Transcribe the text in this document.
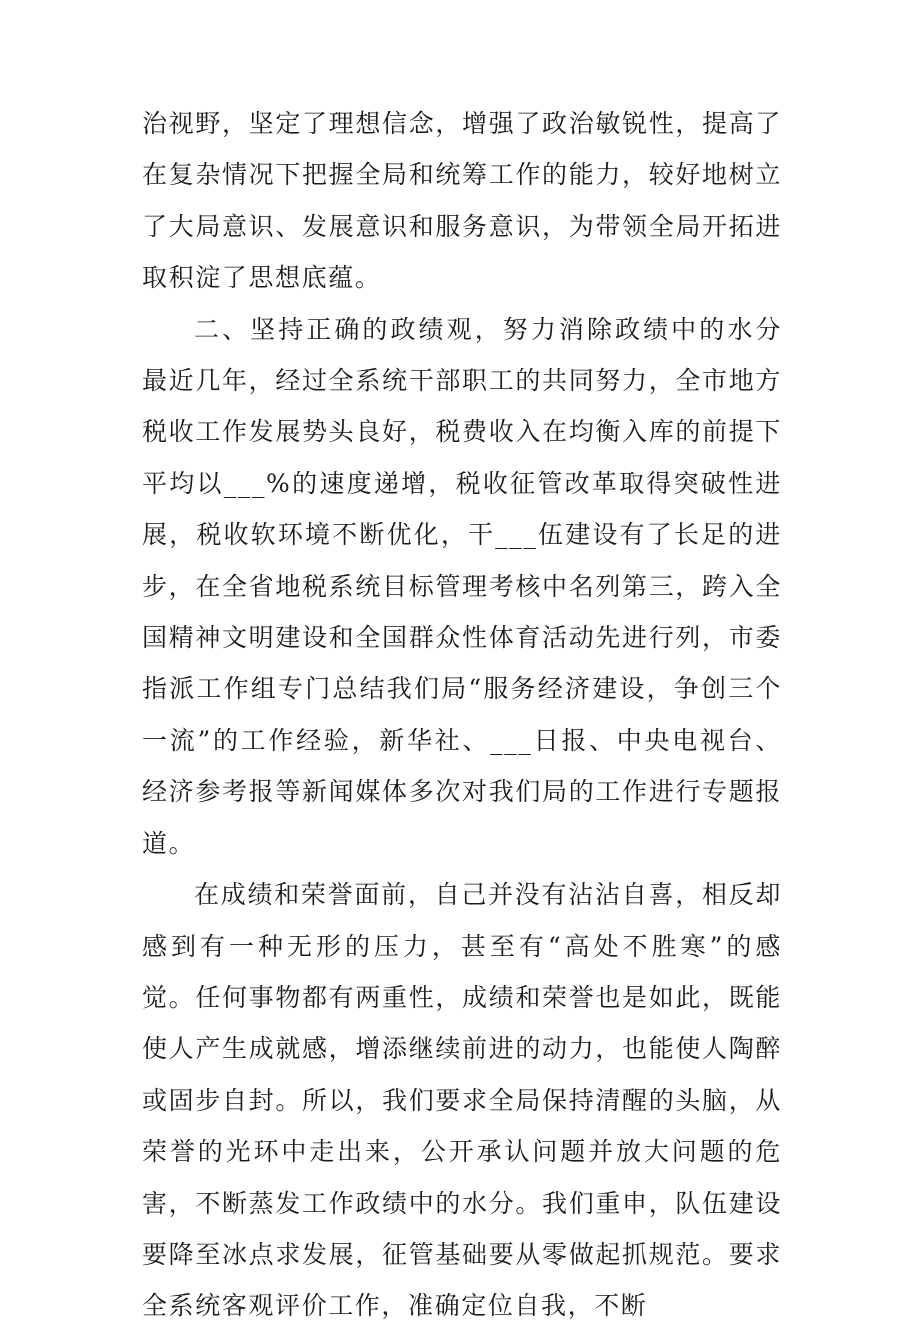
治视野，坚定了理想信念，增强了政治敏锐性，提高了在复杂情况下把握全局和统筹工作的能力，较好地树立了大局意识、发展意识和服务意识，为带领全局开拓进取积淀了思想底蕴。

二、坚持正确的政绩观，努力消除政绩中的水分 最近几年，经过全系统干部职工的共同努力，全市地方税收工作发展势头良好，税费收入在均衡入库的前提下平均以___%的速度递增，税收征管改革取得突破性进展，税收软环境不断优化，干___伍建设有了长足的进步，在全省地税系统目标管理考核中名列第三，跨入全国精神文明建设和全国群众性体育活动先进行列，市委指派工作组专门总结我们局“服务经济建设，争创三个一流”的工作经验，新华社、___日报、中央电视台、经济参考报等新闻媒体多次对我们局的工作进行专题报道。

在成绩和荣誉面前，自己并没有沾沾自喜，相反却感到有一种无形的压力，甚至有“高处不胜寒”的感觉。任何事物都有两重性，成绩和荣誉也是如此，既能使人产生成就感，增添继续前进的动力，也能使人陶醉或固步自封。所以，我们要求全局保持清醒的头脑，从荣誉的光环中走出来，公开承认问题并放大问题的危害，不断蒸发工作政绩中的水分。我们重申，队伍建设要降至冰点求发展，征管基础要从零做起抓规范。要求全系统客观评价工作，准确定位自我，不断
